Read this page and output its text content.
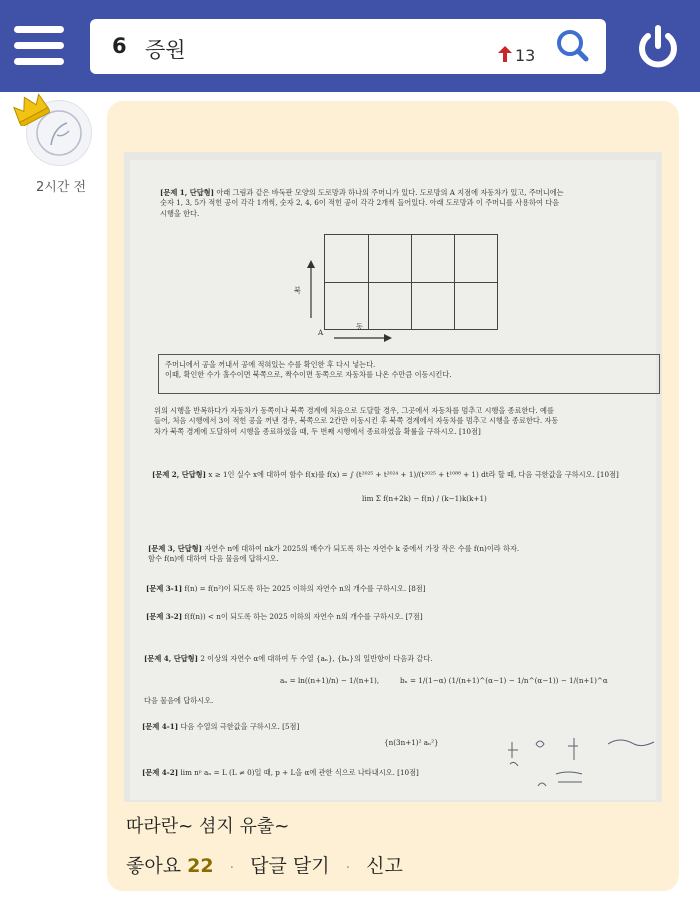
6 증원	13
2시간 전	[문제 1, 단답형] 아래 그림과 같은 바둑판 모양의 도로망과 하나의 주머니가 있다. 도로망의 A 지점에 자동차가 있고, 주머니에는
숫자 1, 3, 5가 적힌 공이 각각 1개씩, 숫자 2, 4, 6이 적힌 공이 각각 2개씩 들어있다. 아래 도로망과 이 주머니를 사용하여 다음
시행을 한다.
북
A
동
주머니에서 공을 꺼내서 공에 적혀있는 수를 확인한 후 다시 넣는다.
이때, 확인한 수가 홀수이면 북쪽으로, 짝수이면 동쪽으로 자동차를 나온 수만큼 이동시킨다.
위의 시행을 반복하다가 자동차가 동쪽이나 북쪽 경계에 처음으로 도달할 경우, 그곳에서 자동차를 멈추고 시행을 종료한다. 예를
들어, 처음 시행에서 3이 적힌 공을 꺼낸 경우, 북쪽으로 2칸만 이동시킨 후 북쪽 경계에서 자동차를 멈추고 시행을 종료한다. 자동
차가 북쪽 경계에 도달하여 시행을 종료하였을 때, 두 번째 시행에서 종료하였을 확률을 구하시오. [10점]
[문제 2, 단답형] x ≥ 1인 실수 x에 대하여 함수 f(x)를 f(x) = ∫ (t²⁰²⁵ + t²⁰²⁴ + 1)/(t²⁰²⁵ + t¹⁰⁸⁸ + 1) dt라 할 때, 다음 극한값을 구하시오. [10점]
lim Σ f(n+2k) − f(n) / (k−1)k(k+1)
[문제 3, 단답형] 자연수 n에 대하여 nk가 2025의 배수가 되도록 하는 자연수 k 중에서 가장 작은 수를 f(n)이라 하자.
함수 f(n)에 대하여 다음 물음에 답하시오.
[문제 3-1] f(n) = f(n²)이 되도록 하는 2025 이하의 자연수 n의 개수를 구하시오. [8점]
[문제 3-2] f(f(n)) < n이 되도록 하는 2025 이하의 자연수 n의 개수를 구하시오. [7점]
[문제 4, 단답형] 2 이상의 자연수 α에 대하여 두 수열 {aₙ}, {bₙ}의 일반항이 다음과 같다.
aₙ = ln((n+1)/n) − 1/(n+1),	bₙ = 1/(1−α) (1/(n+1)^(α−1) − 1/n^(α−1)) − 1/(n+1)^α
다음 물음에 답하시오.
[문제 4-1] 다음 수열의 극한값을 구하시오. [5점]
{n(3n+1)² aₙ²}
[문제 4-2] lim nᵖ aₙ = L (L ≠ 0)일 때, p + L을 α에 관한 식으로 나타내시오. [10점]
따라란~ 셤지 유출~
좋아요 22 · 답글 달기 · 신고
